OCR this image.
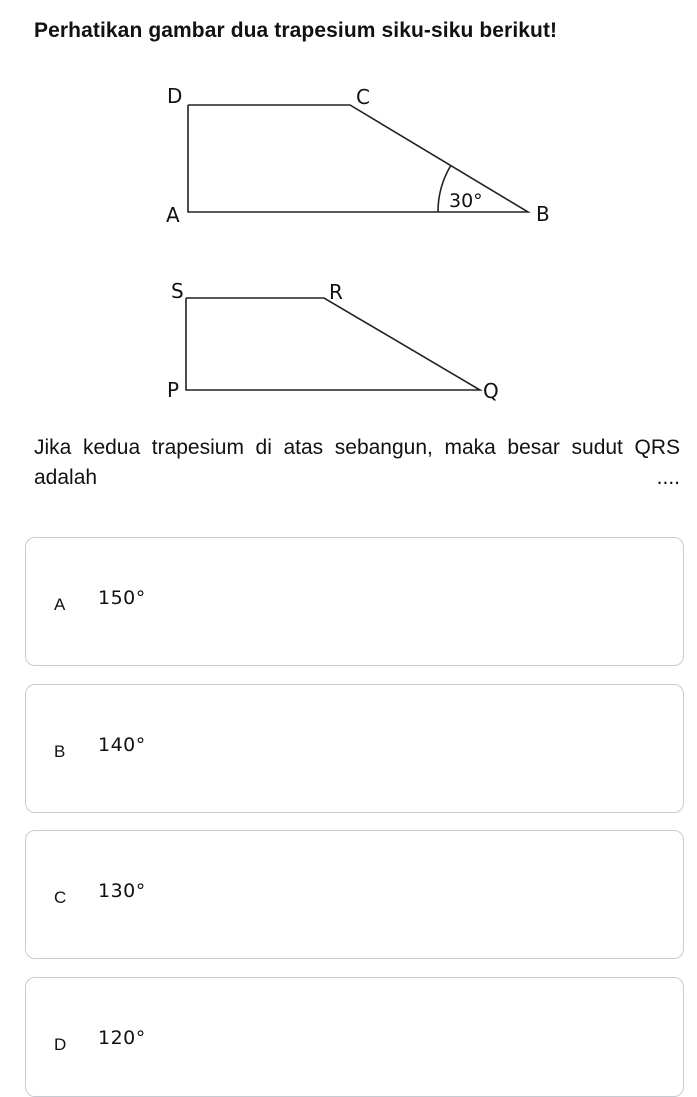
Perhatikan gambar dua trapesium siku-siku berikut!
30°
D	C
A	B
S	R
P	Q
Jika kedua trapesium di atas sebangun, maka besar sudut QRS adalah ....
A 150°
B 140°
C 130°
D 120°
